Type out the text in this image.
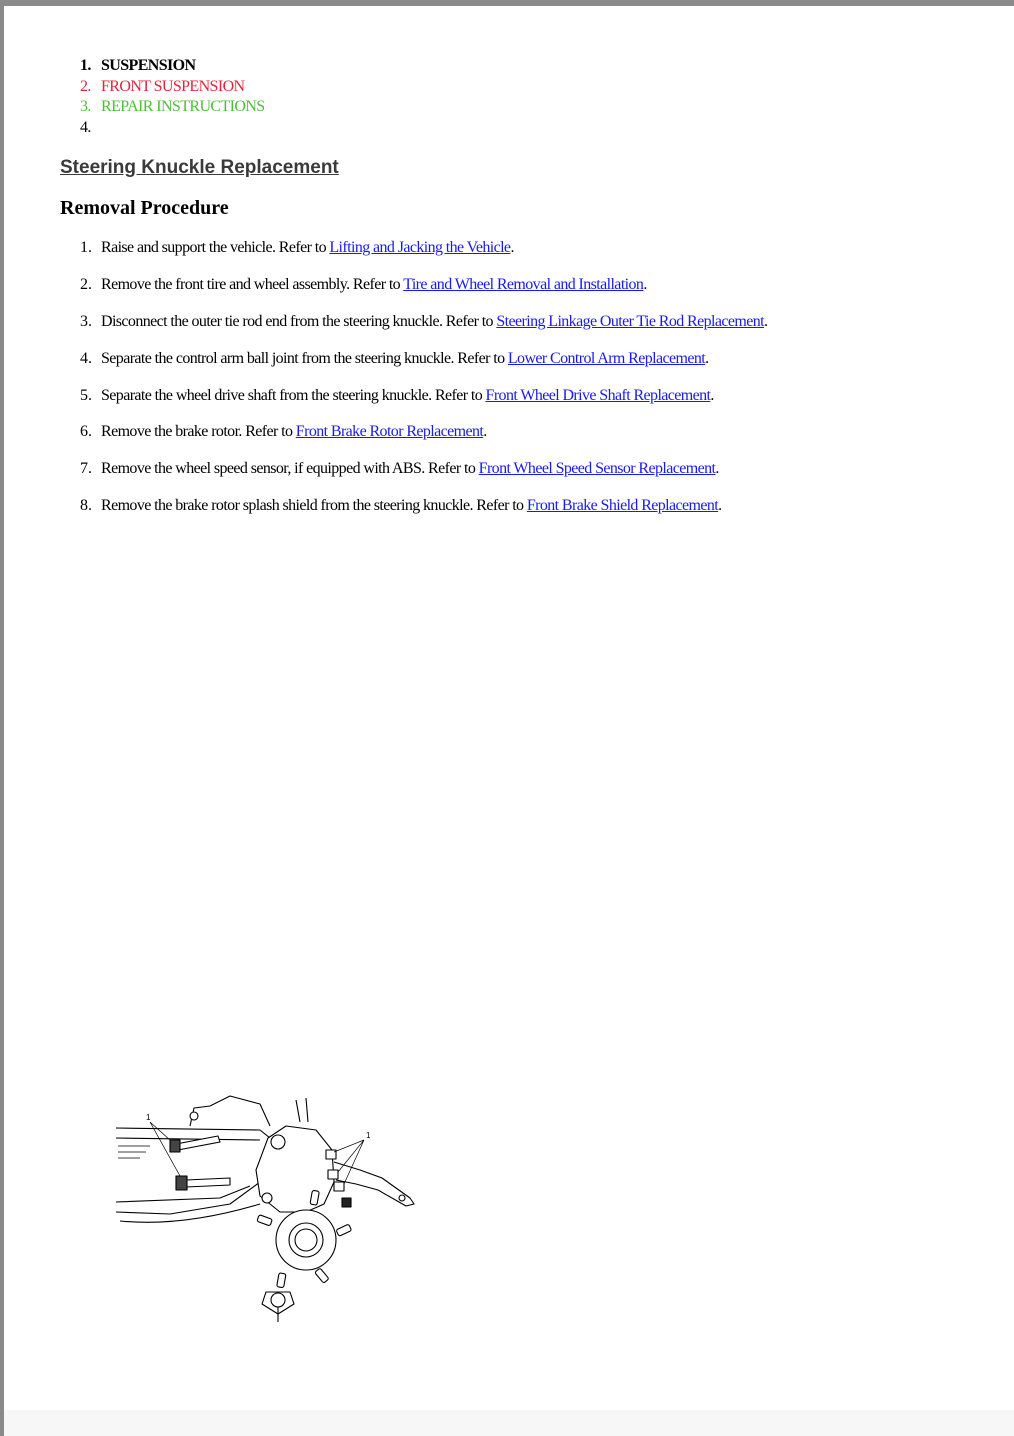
1. SUSPENSION
2. FRONT SUSPENSION
3. REPAIR INSTRUCTIONS
4.
Steering Knuckle Replacement
Removal Procedure
1. Raise and support the vehicle. Refer to Lifting and Jacking the Vehicle.
2. Remove the front tire and wheel assembly. Refer to Tire and Wheel Removal and Installation.
3. Disconnect the outer tie rod end from the steering knuckle. Refer to Steering Linkage Outer Tie Rod Replacement.
4. Separate the control arm ball joint from the steering knuckle. Refer to Lower Control Arm Replacement.
5. Separate the wheel drive shaft from the steering knuckle. Refer to Front Wheel Drive Shaft Replacement.
6. Remove the brake rotor. Refer to Front Brake Rotor Replacement.
7. Remove the wheel speed sensor, if equipped with ABS. Refer to Front Wheel Speed Sensor Replacement.
8. Remove the brake rotor splash shield from the steering knuckle. Refer to Front Brake Shield Replacement.
1
1
